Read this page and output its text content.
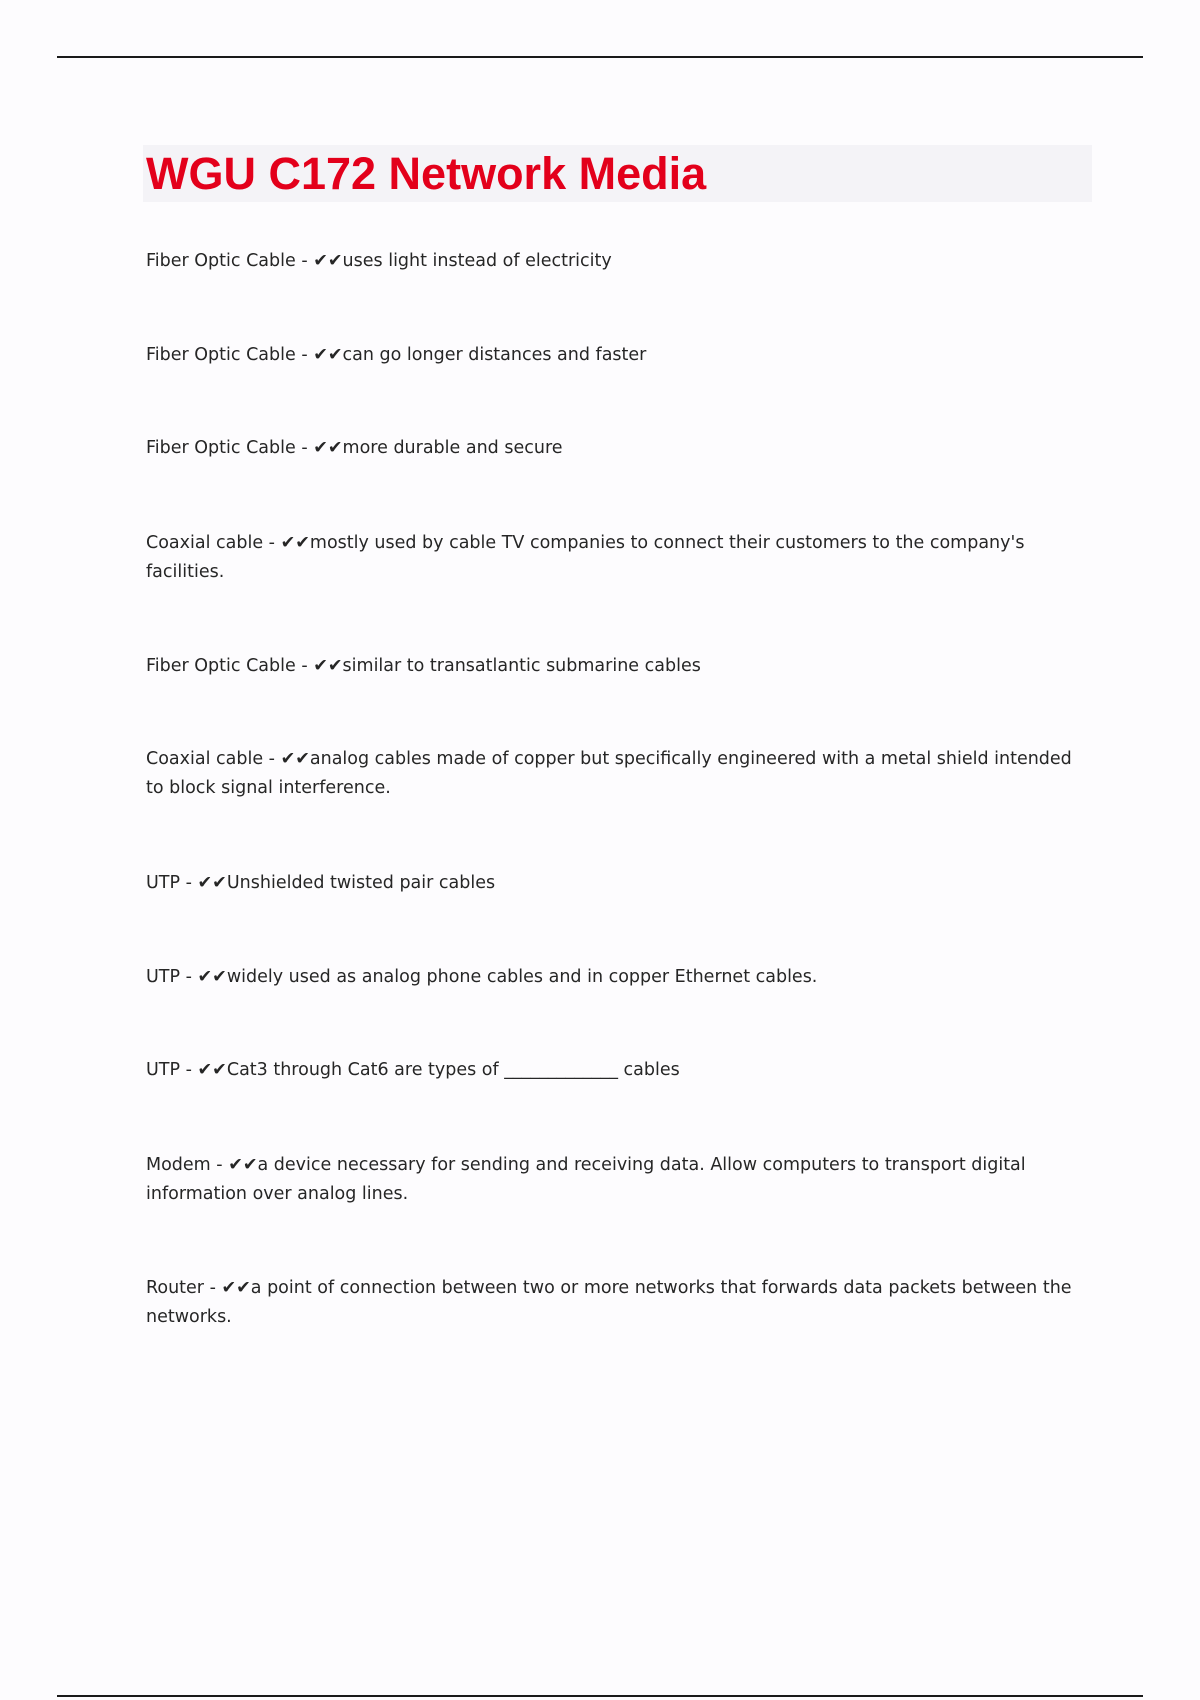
WGU C172 Network Media

Fiber Optic Cable - ✔✔uses light instead of electricity

Fiber Optic Cable - ✔✔can go longer distances and faster

Fiber Optic Cable - ✔✔more durable and secure

Coaxial cable - ✔✔mostly used by cable TV companies to connect their customers to the company's facilities.

Fiber Optic Cable - ✔✔similar to transatlantic submarine cables

Coaxial cable - ✔✔analog cables made of copper but specifically engineered with a metal shield intended to block signal interference.

UTP - ✔✔Unshielded twisted pair cables

UTP - ✔✔widely used as analog phone cables and in copper Ethernet cables.

UTP - ✔✔Cat3 through Cat6 are types of _____________ cables

Modem - ✔✔a device necessary for sending and receiving data. Allow computers to transport digital information over analog lines.

Router - ✔✔a point of connection between two or more networks that forwards data packets between the networks.
